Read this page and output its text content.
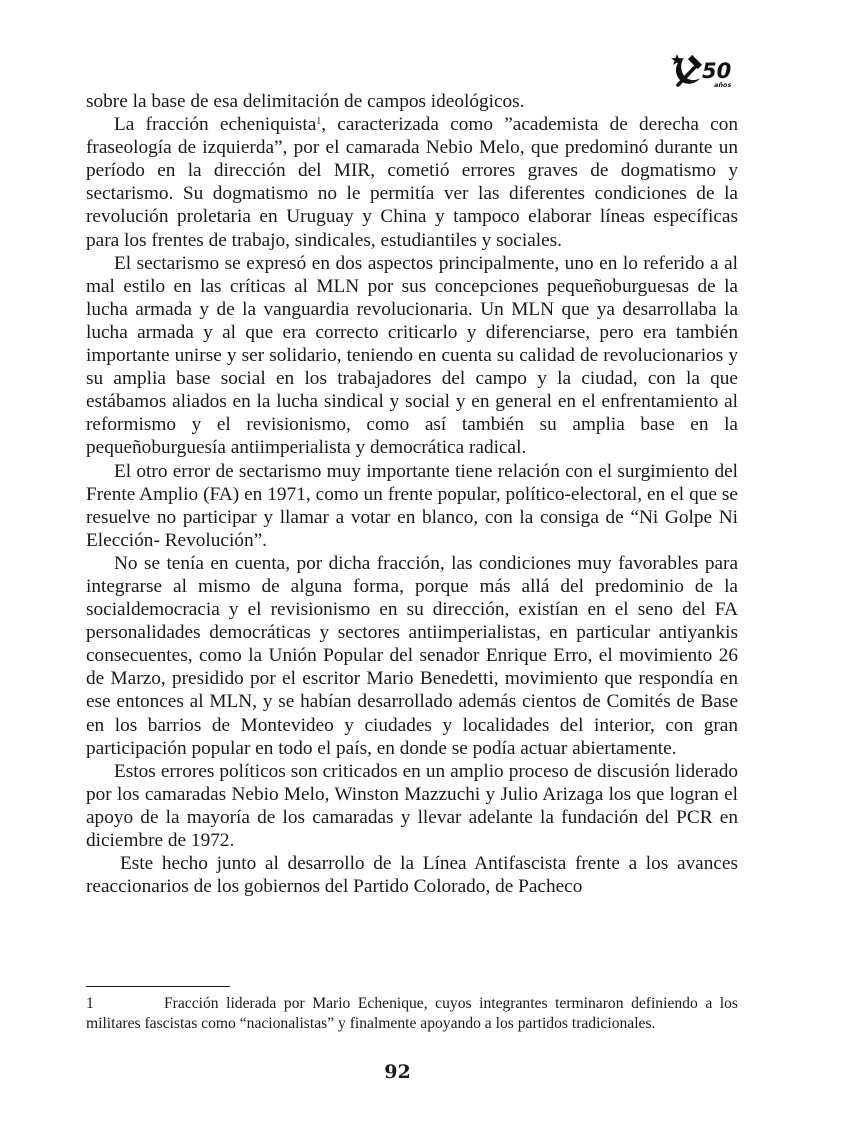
50
años

sobre la base de esa delimitación de campos ideológicos.

La fracción echeniquista$^1$, caracterizada como ”academista de derecha con fraseología de izquierda”, por el camarada Nebio Melo, que predominó durante un período en la dirección del MIR, cometió errores graves de dogmatismo y sectarismo. Su dogmatismo no le permitía ver las diferentes condiciones de la revolución proletaria en Uruguay y China y tampoco elaborar líneas específicas para los frentes de trabajo, sindicales, estudiantiles y sociales.

El sectarismo se expresó en dos aspectos principalmente, uno en lo referido a al mal estilo en las críticas al MLN por sus concepciones pequeñoburguesas de la lucha armada y de la vanguardia revolucionaria. Un MLN que ya desarrollaba la lucha armada y al que era correcto criticarlo y diferenciarse, pero era también importante unirse y ser solidario, teniendo en cuenta su calidad de revolucionarios y su amplia base social en los trabajadores del campo y la ciudad, con la que estábamos aliados en la lucha sindical y social y en general en el enfrentamiento al reformismo y el revisionismo, como así también su amplia base en la pequeñoburguesía antiimperialista y democrática radical.

El otro error de sectarismo muy importante tiene relación con el surgimiento del Frente Amplio (FA) en 1971, como un frente popular, político-electoral, en el que se resuelve no participar y llamar a votar en blanco, con la consiga de “Ni Golpe Ni Elección- Revolución”.

No se tenía en cuenta, por dicha fracción, las condiciones muy favorables para integrarse al mismo de alguna forma, porque más allá del predominio de la socialdemocracia y el revisionismo en su dirección, existían en el seno del FA personalidades democráticas y sectores antiimperialistas, en particular antiyankis consecuentes, como la Unión Popular del senador Enrique Erro, el movimiento 26 de Marzo, presidido por el escritor Mario Benedetti, movimiento que respondía en ese entonces al MLN, y se habían desarrollado además cientos de Comités de Base en los barrios de Montevideo y ciudades y localidades del interior, con gran participación popular en todo el país, en donde se podía actuar abiertamente.

Estos errores políticos son criticados en un amplio proceso de discusión liderado por los camaradas Nebio Melo, Winston Mazzuchi y Julio Arizaga los que logran el apoyo de la mayoría de los camaradas y llevar adelante la fundación del PCR en diciembre de 1972.

Este hecho junto al desarrollo de la Línea Antifascista frente a los avances reaccionarios de los gobiernos del Partido Colorado, de Pacheco

1	Fracción liderada por Mario Echenique, cuyos integrantes terminaron definiendo a los militares fascistas como “nacionalistas” y finalmente apoyando a los partidos tradicionales.

92
